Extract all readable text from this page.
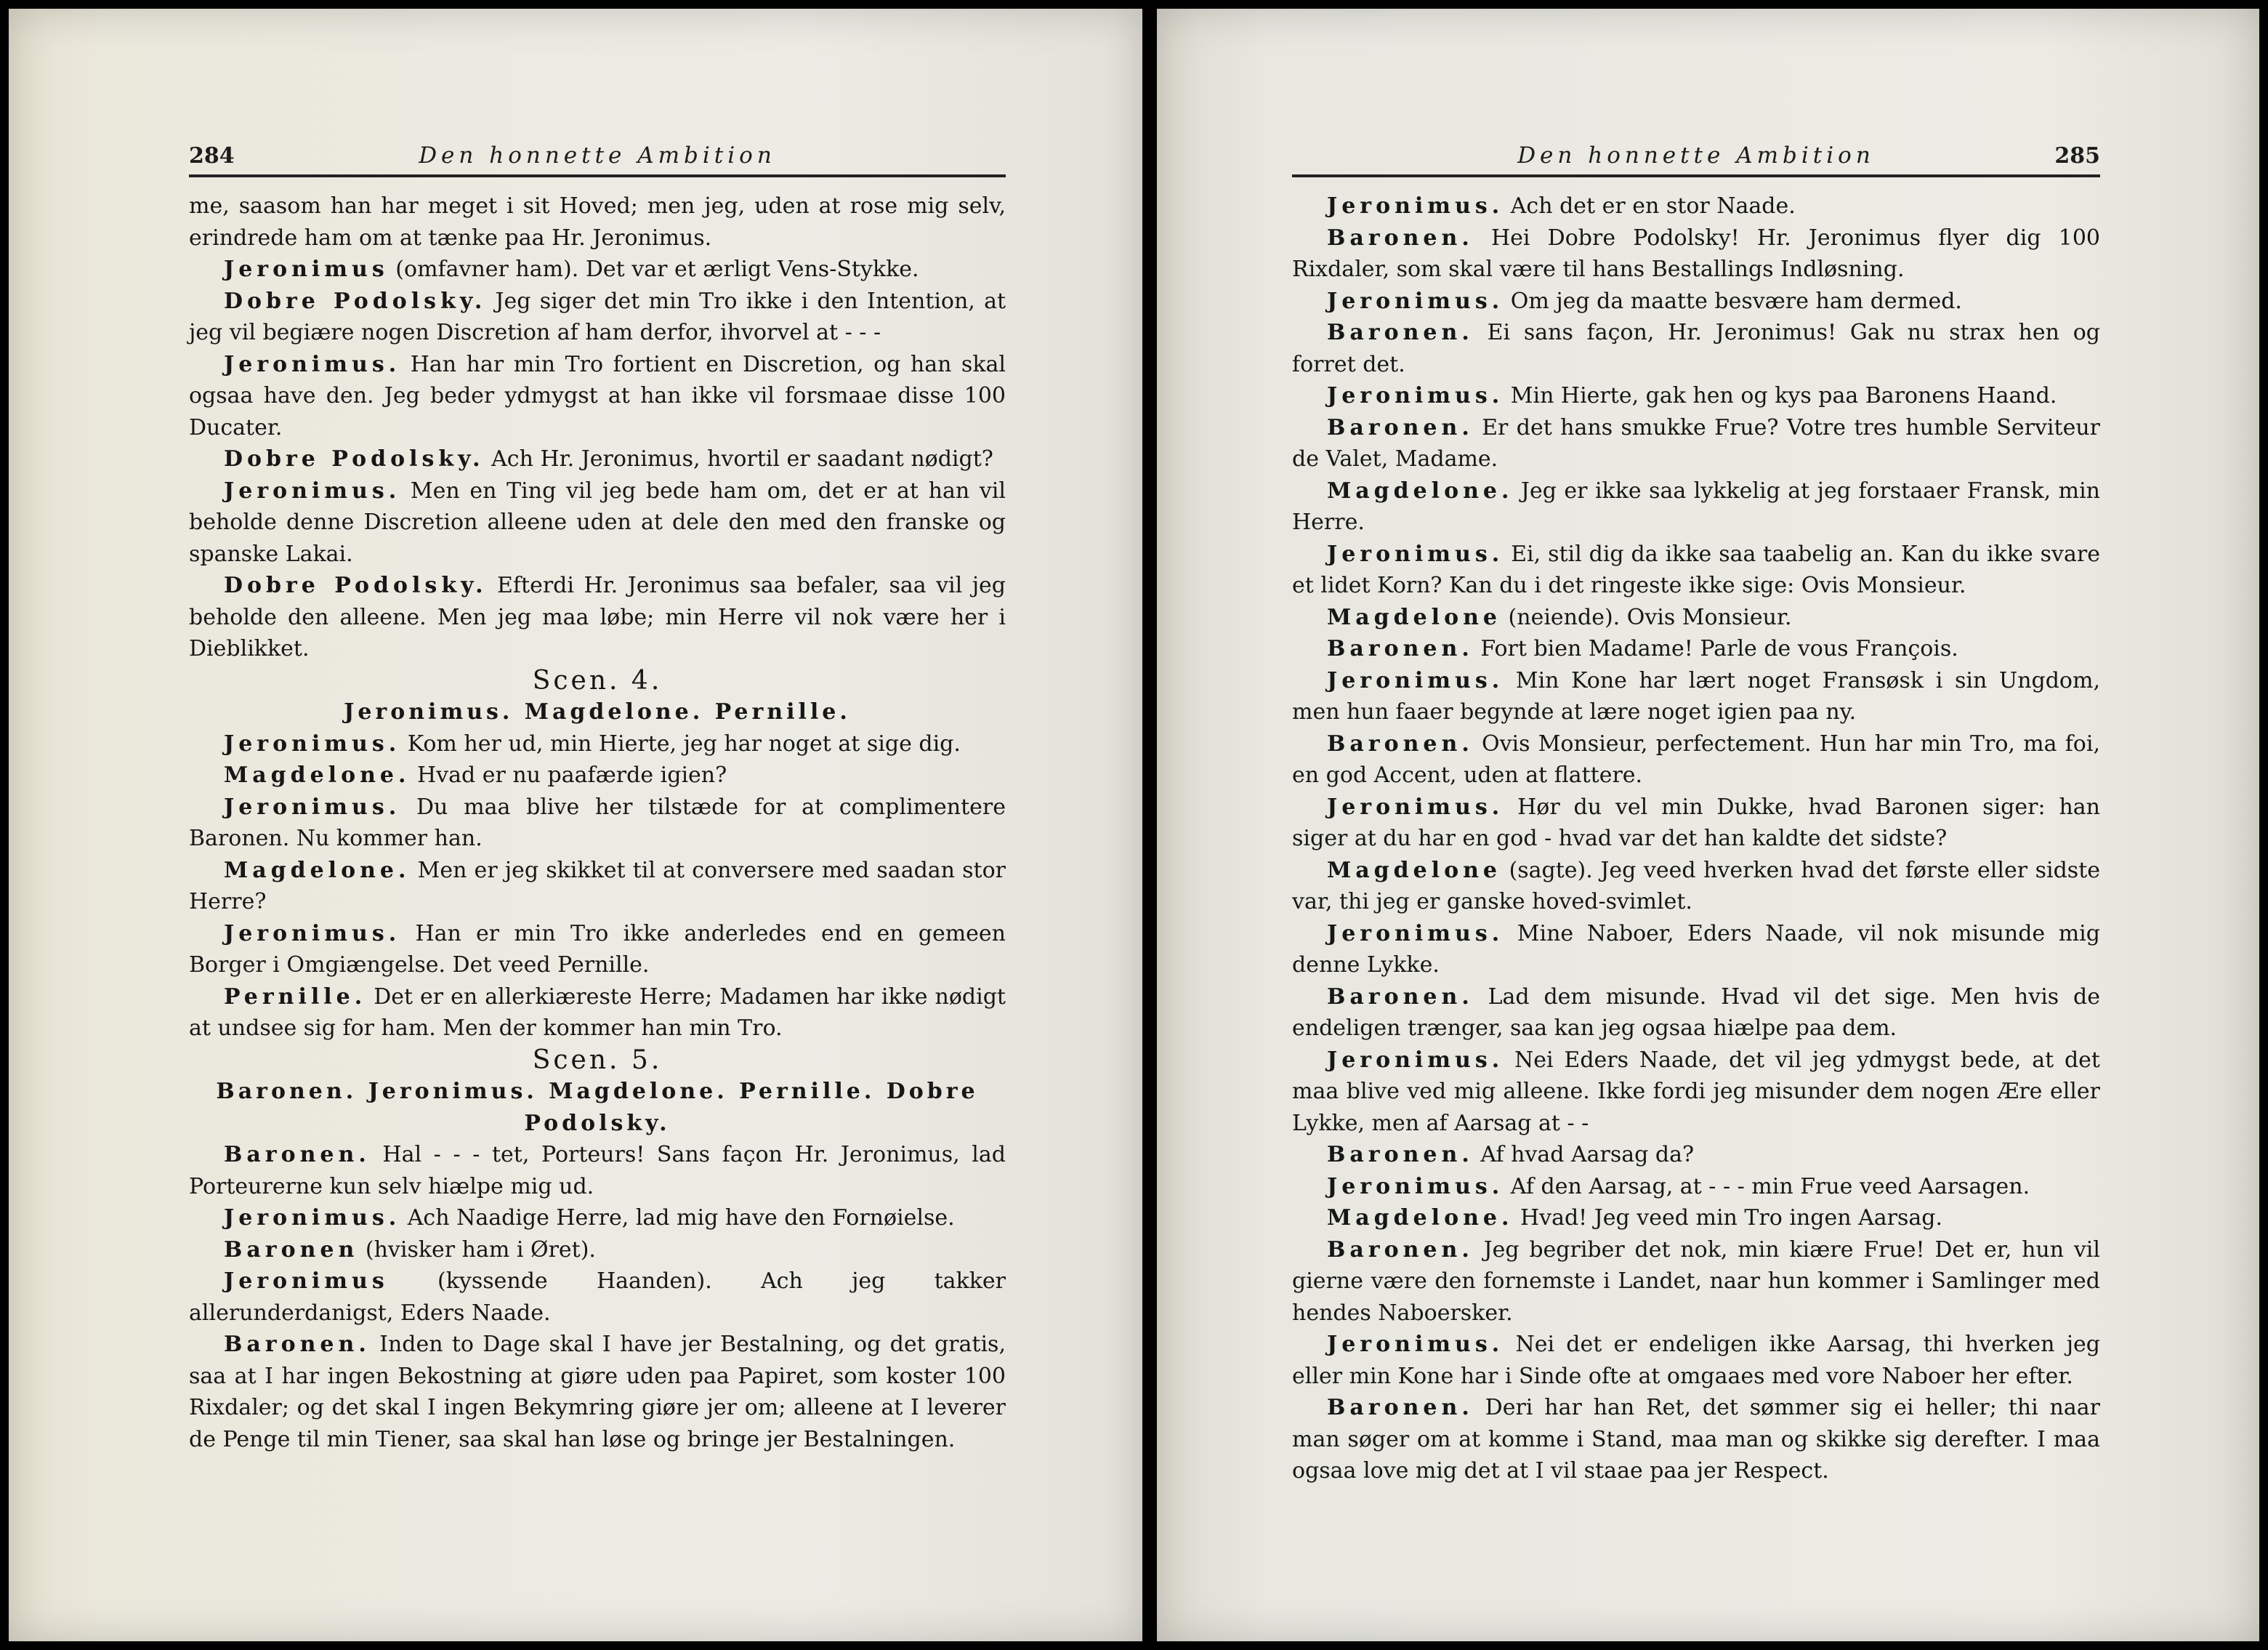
284	Den honnette Ambition

me, saasom han har meget i sit Hoved; men jeg, uden at rose mig selv, erindrede ham om at tænke paa Hr. Jeronimus.

Jeronimus (omfavner ham). Det var et ærligt Vens-Stykke.

Dobre Podolsky. Jeg siger det min Tro ikke i den Intention, at jeg vil begiære nogen Discretion af ham derfor, ihvorvel at - - -

Jeronimus. Han har min Tro fortient en Discretion, og han skal ogsaa have den. Jeg beder ydmygst at han ikke vil forsmaae disse 100 Ducater.

Dobre Podolsky. Ach Hr. Jeronimus, hvortil er saadant nødigt?

Jeronimus. Men en Ting vil jeg bede ham om, det er at han vil beholde denne Discretion alleene uden at dele den med den franske og spanske Lakai.

Dobre Podolsky. Efterdi Hr. Jeronimus saa befaler, saa vil jeg beholde den alleene. Men jeg maa løbe; min Herre vil nok være her i Dieblikket.

Scen. 4.

Jeronimus. Magdelone. Pernille.

Jeronimus. Kom her ud, min Hierte, jeg har noget at sige dig.

Magdelone. Hvad er nu paafærde igien?

Jeronimus. Du maa blive her tilstæde for at complimentere Baronen. Nu kommer han.

Magdelone. Men er jeg skikket til at conversere med saadan stor Herre?

Jeronimus. Han er min Tro ikke anderledes end en gemeen Borger i Omgiængelse. Det veed Pernille.

Pernille. Det er en allerkiæreste Herre; Madamen har ikke nødigt at undsee sig for ham. Men der kommer han min Tro.

Scen. 5.

Baronen. Jeronimus. Magdelone. Pernille. Dobre Podolsky.

Baronen. Hal - - - tet, Porteurs! Sans façon Hr. Jeronimus, lad Porteurerne kun selv hiælpe mig ud.

Jeronimus. Ach Naadige Herre, lad mig have den Fornøielse.

Baronen (hvisker ham i Øret).

Jeronimus (kyssende Haanden). Ach jeg takker allerunderdanigst, Eders Naade.

Baronen. Inden to Dage skal I have jer Bestalning, og det gratis, saa at I har ingen Bekostning at giøre uden paa Papiret, som koster 100 Rixdaler; og det skal I ingen Bekymring giøre jer om; alleene at I leverer de Penge til min Tiener, saa skal han løse og bringe jer Bestalningen.

Den honnette Ambition	285

Jeronimus. Ach det er en stor Naade.

Baronen. Hei Dobre Podolsky! Hr. Jeronimus flyer dig 100 Rixdaler, som skal være til hans Bestallings Indløsning.

Jeronimus. Om jeg da maatte besvære ham dermed.

Baronen. Ei sans façon, Hr. Jeronimus! Gak nu strax hen og forret det.

Jeronimus. Min Hierte, gak hen og kys paa Baronens Haand.

Baronen. Er det hans smukke Frue? Votre tres humble Serviteur de Valet, Madame.

Magdelone. Jeg er ikke saa lykkelig at jeg forstaaer Fransk, min Herre.

Jeronimus. Ei, stil dig da ikke saa taabelig an. Kan du ikke svare et lidet Korn? Kan du i det ringeste ikke sige: Ovis Monsieur.

Magdelone (neiende). Ovis Monsieur.

Baronen. Fort bien Madame! Parle de vous François.

Jeronimus. Min Kone har lært noget Fransøsk i sin Ungdom, men hun faaer begynde at lære noget igien paa ny.

Baronen. Ovis Monsieur, perfectement. Hun har min Tro, ma foi, en god Accent, uden at flattere.

Jeronimus. Hør du vel min Dukke, hvad Baronen siger: han siger at du har en god - hvad var det han kaldte det sidste?

Magdelone (sagte). Jeg veed hverken hvad det første eller sidste var, thi jeg er ganske hoved-svimlet.

Jeronimus. Mine Naboer, Eders Naade, vil nok misunde mig denne Lykke.

Baronen. Lad dem misunde. Hvad vil det sige. Men hvis de endeligen trænger, saa kan jeg ogsaa hiælpe paa dem.

Jeronimus. Nei Eders Naade, det vil jeg ydmygst bede, at det maa blive ved mig alleene. Ikke fordi jeg misunder dem nogen Ære eller Lykke, men af Aarsag at - -

Baronen. Af hvad Aarsag da?

Jeronimus. Af den Aarsag, at - - - min Frue veed Aarsagen.

Magdelone. Hvad! Jeg veed min Tro ingen Aarsag.

Baronen. Jeg begriber det nok, min kiære Frue! Det er, hun vil gierne være den fornemste i Landet, naar hun kommer i Samlinger med hendes Naboersker.

Jeronimus. Nei det er endeligen ikke Aarsag, thi hverken jeg eller min Kone har i Sinde ofte at omgaaes med vore Naboer her efter.

Baronen. Deri har han Ret, det sømmer sig ei heller; thi naar man søger om at komme i Stand, maa man og skikke sig derefter. I maa ogsaa love mig det at I vil staae paa jer Respect.
